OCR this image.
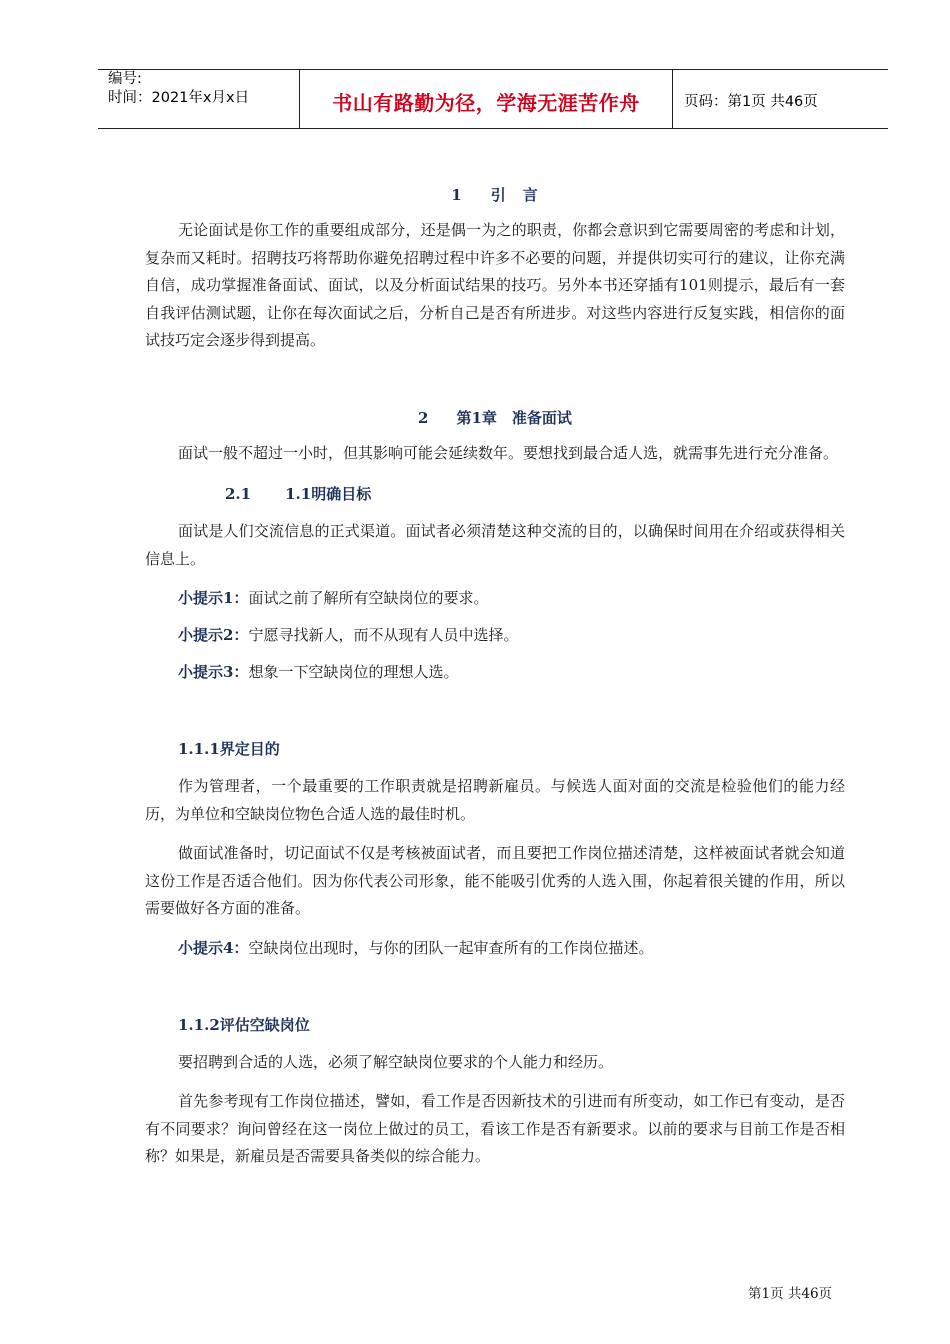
编号:
时间：2021年x月x日	书山有路勤为径，学海无涯苦作舟	页码：第1页 共46页
1 引　言

无论面试是你工作的重要组成部分，还是偶一为之的职责，你都会意识到它需要周密的考虑和计划，复杂而又耗时。招聘技巧将帮助你避免招聘过程中许多不必要的问题，并提供切实可行的建议，让你充满自信，成功掌握准备面试、面试，以及分析面试结果的技巧。另外本书还穿插有101则提示，最后有一套自我评估测试题，让你在每次面试之后，分析自己是否有所进步。对这些内容进行反复实践，相信你的面试技巧定会逐步得到提高。

2 第1章　准备面试

面试一般不超过一小时，但其影响可能会延续数年。要想找到最合适人选，就需事先进行充分准备。

2.1 1.1明确目标

面试是人们交流信息的正式渠道。面试者必须清楚这种交流的目的，以确保时间用在介绍或获得相关信息上。

小提示1：面试之前了解所有空缺岗位的要求。

小提示2：宁愿寻找新人，而不从现有人员中选择。

小提示3：想象一下空缺岗位的理想人选。

1.1.1界定目的

作为管理者，一个最重要的工作职责就是招聘新雇员。与候选人面对面的交流是检验他们的能力经历，为单位和空缺岗位物色合适人选的最佳时机。

做面试准备时，切记面试不仅是考核被面试者，而且要把工作岗位描述清楚，这样被面试者就会知道这份工作是否适合他们。因为你代表公司形象，能不能吸引优秀的人选入围，你起着很关键的作用，所以需要做好各方面的准备。

小提示4：空缺岗位出现时，与你的团队一起审查所有的工作岗位描述。

1.1.2评估空缺岗位

要招聘到合适的人选，必须了解空缺岗位要求的个人能力和经历。

首先参考现有工作岗位描述，譬如，看工作是否因新技术的引进而有所变动，如工作已有变动，是否有不同要求？询问曾经在这一岗位上做过的员工，看该工作是否有新要求。以前的要求与目前工作是否相称？如果是，新雇员是否需要具备类似的综合能力。

第1页 共46页
